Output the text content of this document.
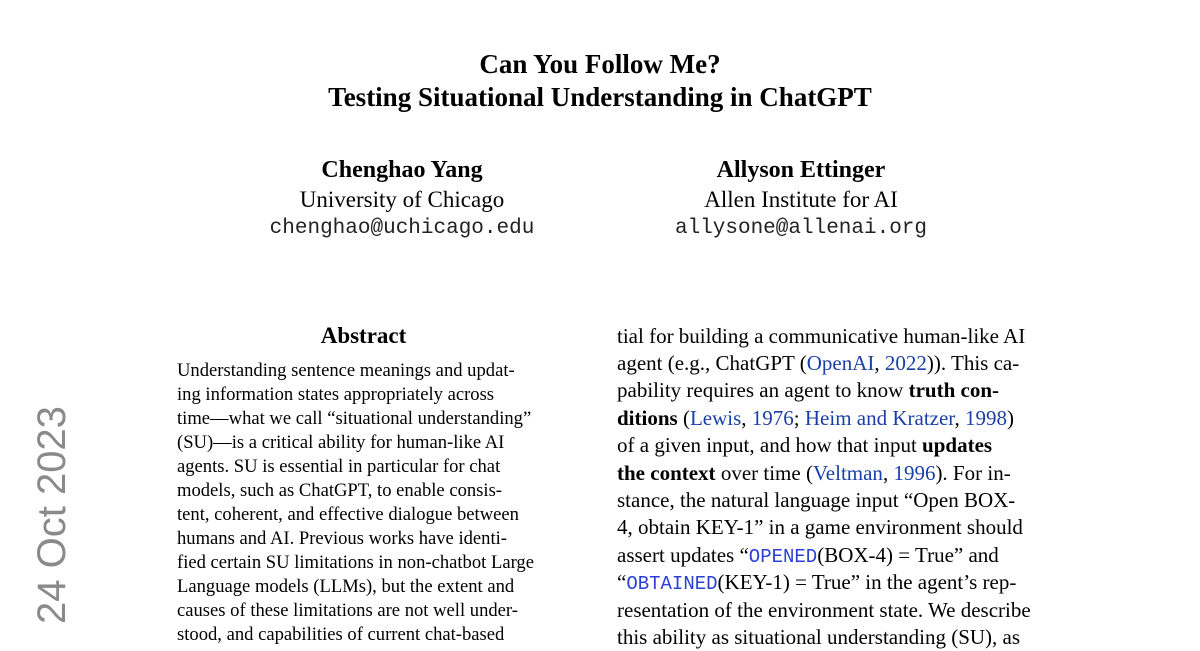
Can You Follow Me?
Testing Situational Understanding in ChatGPT
Chenghao Yang
University of Chicago
chenghao@uchicago.edu
Allyson Ettinger
Allen Institute for AI
allysone@allenai.org
24 Oct 2023
Abstract
Understanding sentence meanings and updat-
ing information states appropriately across
time—what we call “situational understanding”
(SU)—is a critical ability for human-like AI
agents. SU is essential in particular for chat
models, such as ChatGPT, to enable consis-
tent, coherent, and effective dialogue between
humans and AI. Previous works have identi-
fied certain SU limitations in non-chatbot Large
Language models (LLMs), but the extent and
causes of these limitations are not well under-
stood, and capabilities of current chat-based
tial for building a communicative human-like AI
agent (e.g., ChatGPT (OpenAI, 2022)). This ca-
pability requires an agent to know truth con-
ditions (Lewis, 1976; Heim and Kratzer, 1998)
of a given input, and how that input updates
the context over time (Veltman, 1996). For in-
stance, the natural language input “Open BOX-
4, obtain KEY-1” in a game environment should
assert updates “OPENED(BOX-4) = True” and
“OBTAINED(KEY-1) = True” in the agent’s rep-
resentation of the environment state. We describe
this ability as situational understanding (SU), as
